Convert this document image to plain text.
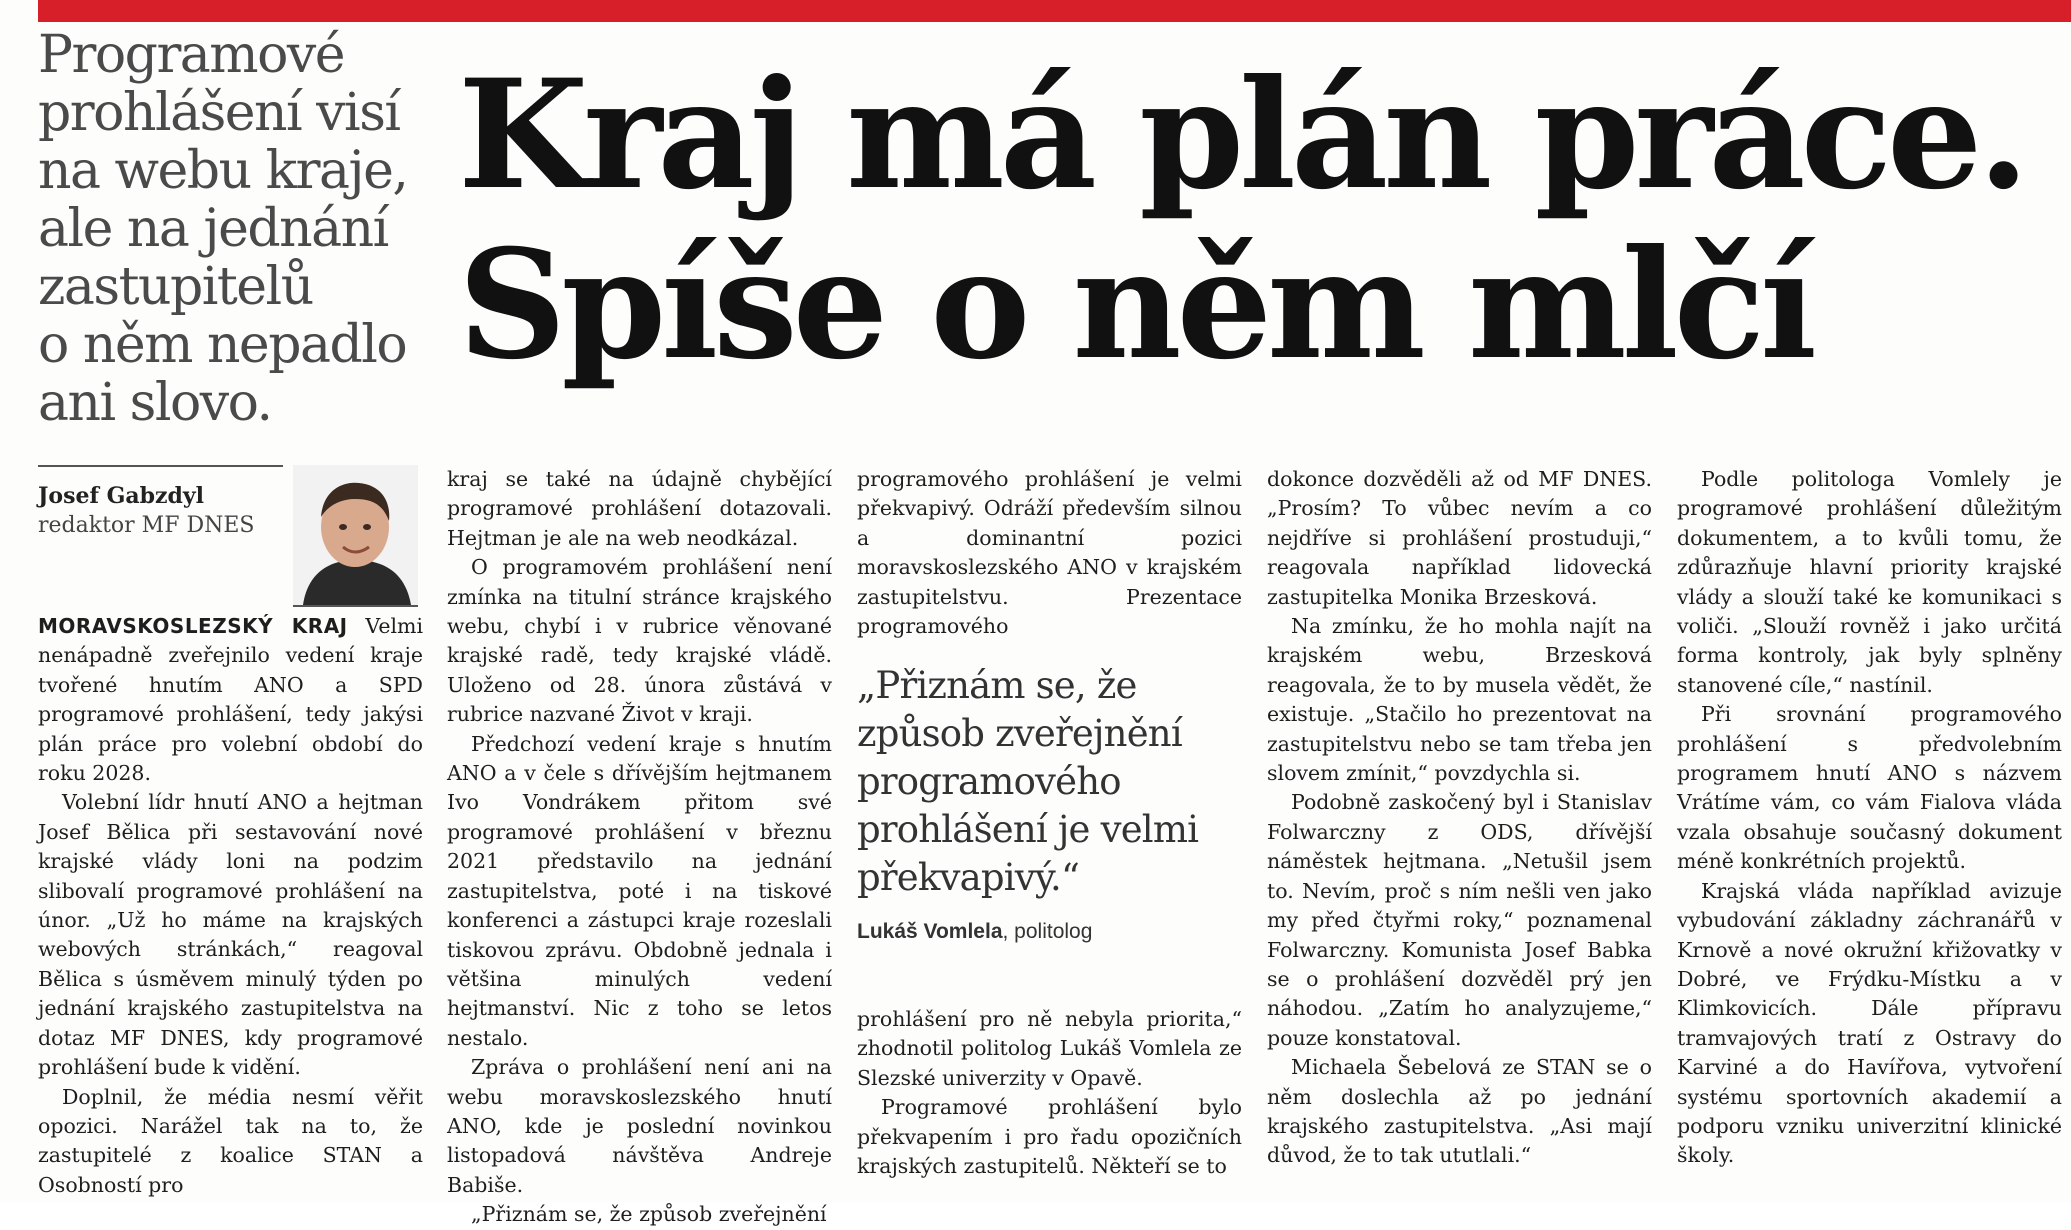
Programové
prohlášení visí
na webu kraje,
ale na jednání
zastupitelů
o něm nepadlo
ani slovo.
Kraj má plán práce.
Spíše o něm mlčí
Josef Gabzdyl
redaktor MF DNES

MORAVSKOSLEZSKÝ KRAJ Velmi nenápadně zveřejnilo vedení kraje tvořené hnutím ANO a SPD programové prohlášení, tedy jakýsi plán práce pro volební období do roku 2028.

Volební lídr hnutí ANO a hejtman Josef Bělica při sestavování nové krajské vlády loni na podzim slibovalí programové prohlášení na únor. „Už ho máme na krajských webových stránkách,“ reagoval Bělica s úsměvem minulý týden po jednání krajského zastupitelstva na dotaz MF DNES, kdy programové prohlášení bude k vidění.

Doplnil, že média nesmí věřit opozici. Narážel tak na to, že zastupitelé z koalice STAN a Osobností pro

kraj se také na údajně chybějící programové prohlášení dotazovali. Hejtman je ale na web neodkázal.

O programovém prohlášení není zmínka na titulní stránce krajského webu, chybí i v rubrice věnované krajské radě, tedy krajské vládě. Uloženo od 28. února zůstává v rubrice nazvané Život v kraji.

Předchozí vedení kraje s hnutím ANO a v čele s dřívějším hejtmanem Ivo Vondrákem přitom své programové prohlášení v březnu 2021 představilo na jednání zastupitelstva, poté i na tiskové konferenci a zástupci kraje rozeslali tiskovou zprávu. Obdobně jednala i většina minulých vedení hejtmanství. Nic z toho se letos nestalo.

Zpráva o prohlášení není ani na webu moravskoslezského hnutí ANO, kde je poslední novinkou listopadová návštěva Andreje Babiše.

„Přiznám se, že způsob zveřejnění

programového prohlášení je velmi překvapivý. Odráží především silnou a dominantní pozici moravskoslezského ANO v krajském zastupitelstvu. Prezentace programového

„Přiznám se, že
způsob zveřejnění
programového
prohlášení je velmi
překvapivý.“
Lukáš Vomlela, politolog

prohlášení pro ně nebyla priorita,“ zhodnotil politolog Lukáš Vomlela ze Slezské univerzity v Opavě.

Programové prohlášení bylo překvapením i pro řadu opozičních krajských zastupitelů. Někteří se to

dokonce dozvěděli až od MF DNES. „Prosím? To vůbec nevím a co nejdříve si prohlášení prostuduji,“ reagovala například lidovecká zastupitelka Monika Brzesková.

Na zmínku, že ho mohla najít na krajském webu, Brzesková reagovala, že to by musela vědět, že existuje. „Stačilo ho prezentovat na zastupitelstvu nebo se tam třeba jen slovem zmínit,“ povzdychla si.

Podobně zaskočený byl i Stanislav Folwarczny z ODS, dřívější náměstek hejtmana. „Netušil jsem to. Nevím, proč s ním nešli ven jako my před čtyřmi roky,“ poznamenal Folwarczny. Komunista Josef Babka se o prohlášení dozvěděl prý jen náhodou. „Zatím ho analyzujeme,“ pouze konstatoval.

Michaela Šebelová ze STAN se o něm doslechla až po jednání krajského zastupitelstva. „Asi mají důvod, že to tak ututlali.“

Podle politologa Vomlely je programové prohlášení důležitým dokumentem, a to kvůli tomu, že zdůrazňuje hlavní priority krajské vlády a slouží také ke komunikaci s voliči. „Slouží rovněž i jako určitá forma kontroly, jak byly splněny stanovené cíle,“ nastínil.

Při srovnání programového prohlášení s předvolebním programem hnutí ANO s názvem Vrátíme vám, co vám Fialova vláda vzala obsahuje současný dokument méně konkrétních projektů.

Krajská vláda například avizuje vybudování základny záchranářů v Krnově a nové okružní křižovatky v Dobré, ve Frýdku-Místku a v Klimkovicích. Dále přípravu tramvajových tratí z Ostravy do Karviné a do Havířova, vytvoření systému sportovních akademií a podporu vzniku univerzitní klinické školy.
